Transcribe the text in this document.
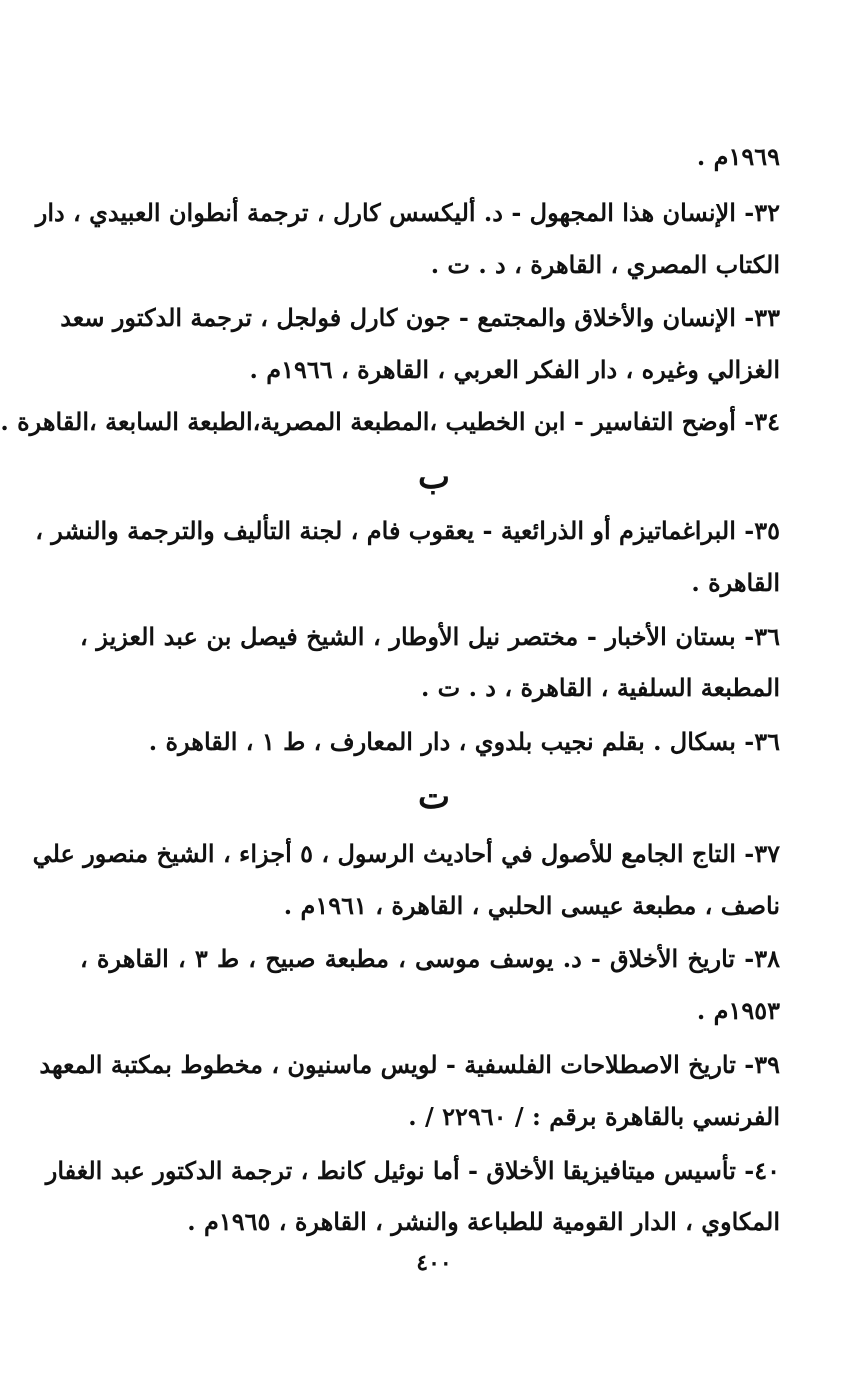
١٩٦٩م .
٣٢- الإنسان هذا المجهول - د. أليكسس كارل ، ترجمة أنطوان العبيدي ، دار
الكتاب المصري ، القاهرة ، د . ت .
٣٣- الإنسان والأخلاق والمجتمع - جون كارل فولجل ، ترجمة الدكتور سعد
الغزالي وغيره ، دار الفكر العربي ، القاهرة ، ١٩٦٦م .
٣٤- أوضح التفاسير - ابن الخطيب ،المطبعة المصرية،الطبعة السابعة ،القاهرة .
ب
٣٥- البراغماتيزم أو الذرائعية - يعقوب فام ، لجنة التأليف والترجمة والنشر ،
القاهرة .
٣٦- بستان الأخبار - مختصر نيل الأوطار ، الشيخ فيصل بن عبد العزيز ،
المطبعة السلفية ، القاهرة ، د . ت .
٣٦- بسكال . بقلم نجيب بلدوي ، دار المعارف ، ط ١ ، القاهرة .
ت
٣٧- التاج الجامع للأصول في أحاديث الرسول ، ٥ أجزاء ، الشيخ منصور علي
ناصف ، مطبعة عيسى الحلبي ، القاهرة ، ١٩٦١م .
٣٨- تاريخ الأخلاق - د. يوسف موسى ، مطبعة صبيح ، ط ٣ ، القاهرة ،
١٩٥٣م .
٣٩- تاريخ الاصطلاحات الفلسفية - لويس ماسنيون ، مخطوط بمكتبة المعهد
الفرنسي بالقاهرة برقم : / ٢٢٩٦٠ / .
٤٠- تأسيس ميتافيزيقا الأخلاق - أما نوئيل كانط ، ترجمة الدكتور عبد الغفار
المكاوي ، الدار القومية للطباعة والنشر ، القاهرة ، ١٩٦٥م .
٤٠٠
